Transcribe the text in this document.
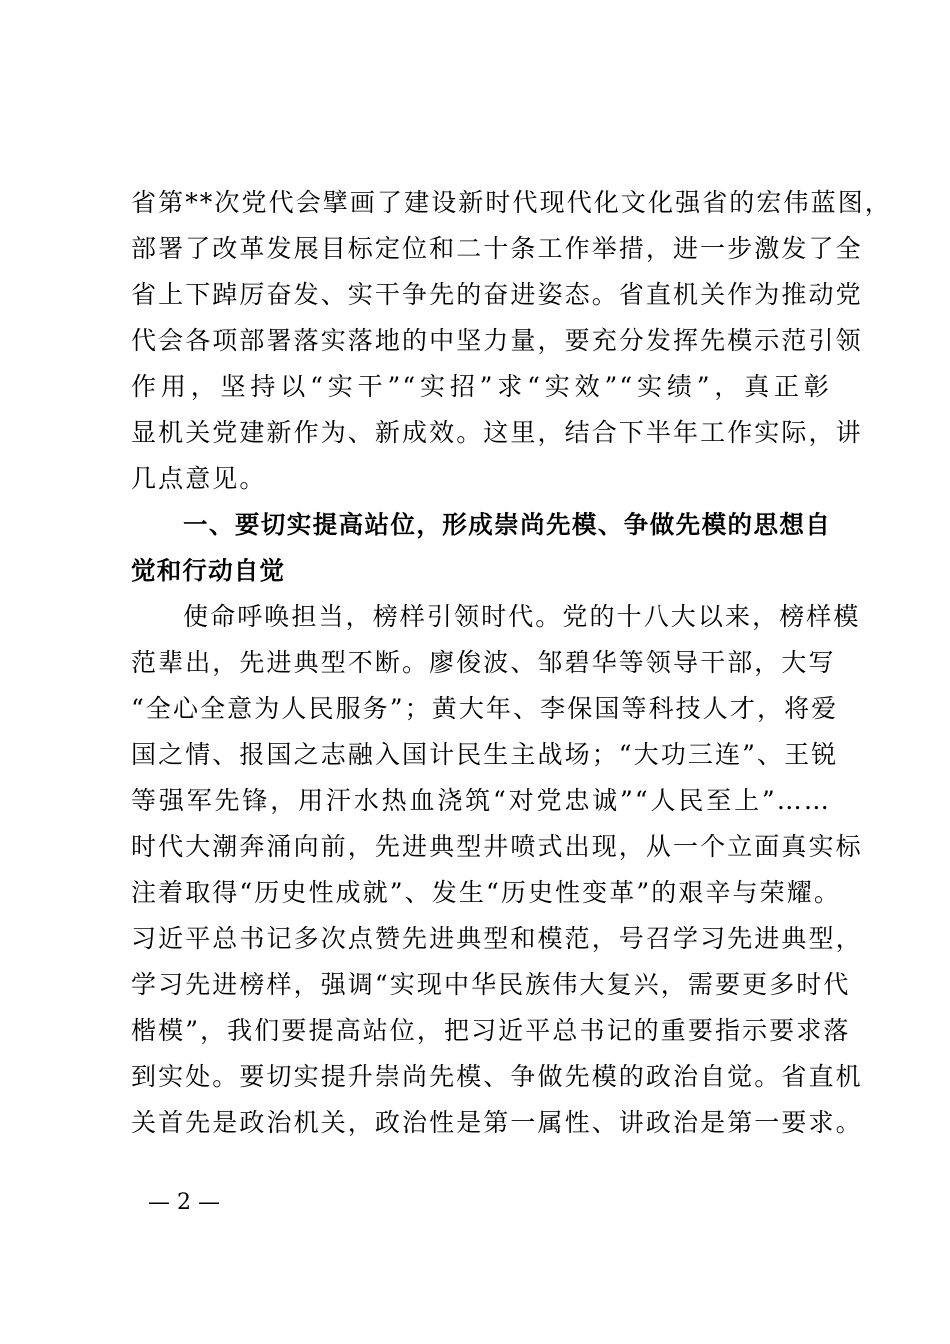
省第**次党代会擘画了建设新时代现代化文化强省的宏伟蓝图，
部署了改革发展目标定位和二十条工作举措，进一步激发了全
省上下踔厉奋发、实干争先的奋进姿态。省直机关作为推动党
代会各项部署落实落地的中坚力量，要充分发挥先模示范引领
作用，坚持以“实干”“实招”求“实效”“实绩”，真正彰
显机关党建新作为、新成效。这里，结合下半年工作实际，讲
几点意见。
一、要切实提高站位，形成崇尚先模、争做先模的思想自
觉和行动自觉
使命呼唤担当，榜样引领时代。党的十八大以来，榜样模
范辈出，先进典型不断。廖俊波、邹碧华等领导干部，大写
“全心全意为人民服务”；黄大年、李保国等科技人才，将爱
国之情、报国之志融入国计民生主战场；“大功三连”、王锐
等强军先锋，用汗水热血浇筑“对党忠诚”“人民至上”……
时代大潮奔涌向前，先进典型井喷式出现，从一个立面真实标
注着取得“历史性成就”、发生“历史性变革”的艰辛与荣耀。
习近平总书记多次点赞先进典型和模范，号召学习先进典型，
学习先进榜样，强调“实现中华民族伟大复兴，需要更多时代
楷模”，我们要提高站位，把习近平总书记的重要指示要求落
到实处。要切实提升崇尚先模、争做先模的政治自觉。省直机
关首先是政治机关，政治性是第一属性、讲政治是第一要求。
— 2 —
